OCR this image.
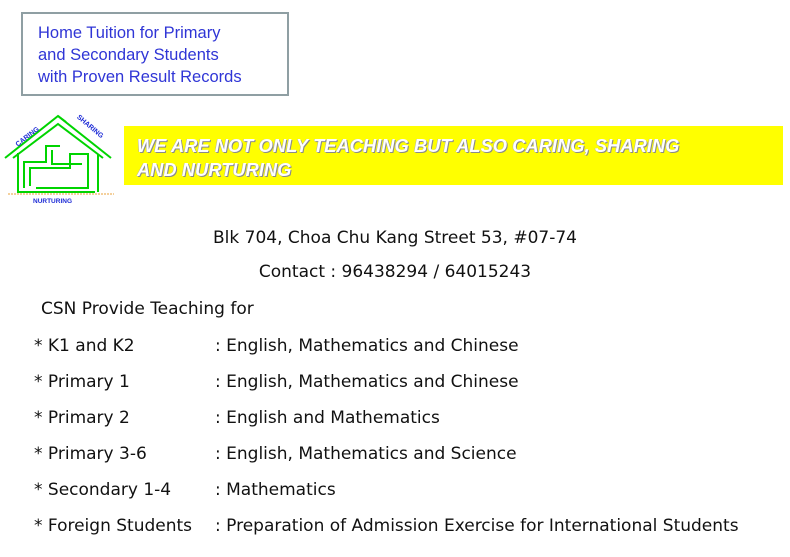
Home Tuition for Primary
and Secondary Students
with Proven Result Records
CARING	SHARING
NURTURING
WE ARE NOT ONLY TEACHING BUT ALSO CARING, SHARING
AND NURTURING
Blk 704, Choa Chu Kang Street 53, #07-74
Contact : 96438294 / 64015243
CSN Provide Teaching for
* K1 and K2	: English, Mathematics and Chinese
* Primary 1	: English, Mathematics and Chinese
* Primary 2	: English and Mathematics
* Primary 3-6	: English, Mathematics and Science
* Secondary 1-4	: Mathematics
* Foreign Students : Preparation of Admission Exercise for International Students
